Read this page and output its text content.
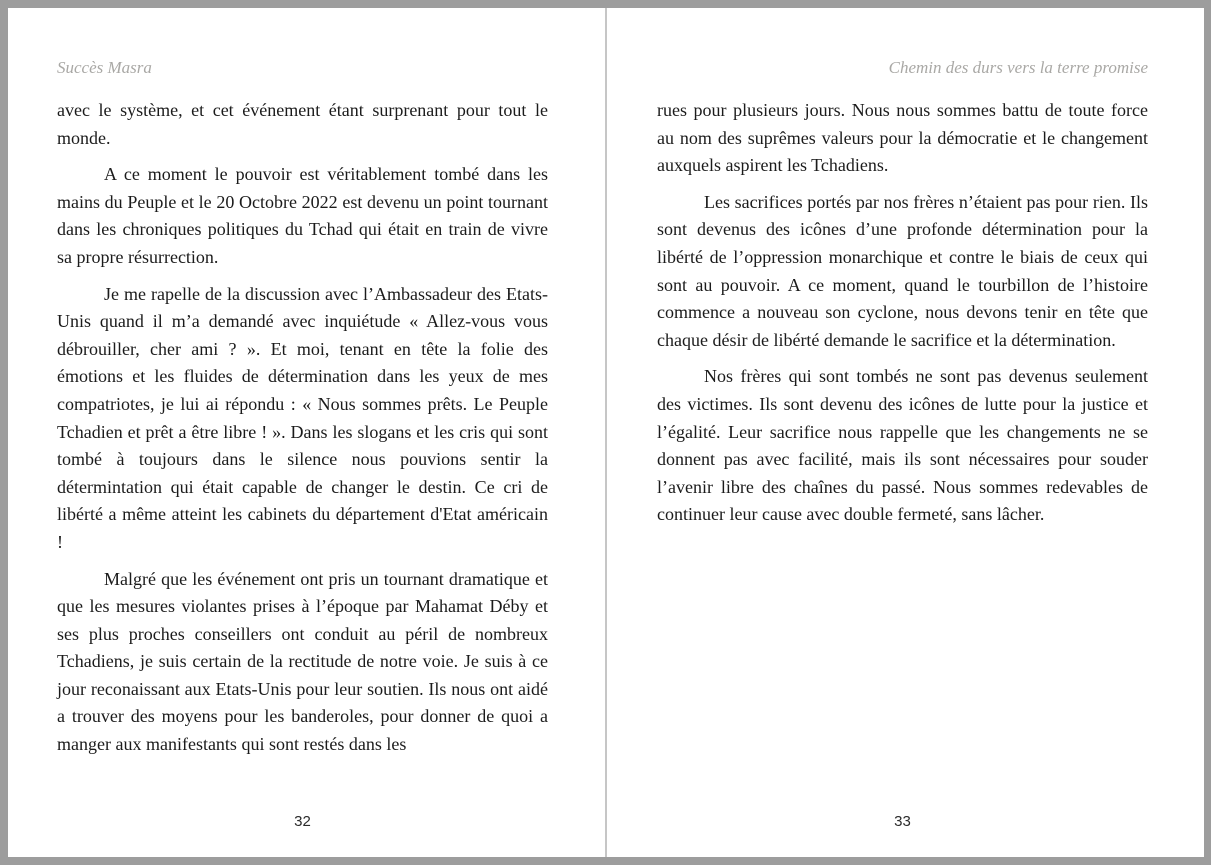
Succès Masra

avec le système, et cet événement étant surprenant pour tout le monde.

A ce moment le pouvoir est véritablement tombé dans les mains du Peuple et le 20 Octobre 2022 est devenu un point tournant dans les chroniques politiques du Tchad qui était en train de vivre sa propre résurrection.

Je me rapelle de la discussion avec l’Ambassadeur des Etats-Unis quand il m’a demandé avec inquiétude « Allez-vous vous débrouiller, cher ami ? ». Et moi, tenant en tête la folie des émotions et les fluides de détermination dans les yeux de mes compatriotes, je lui ai répondu : « Nous sommes prêts. Le Peuple Tchadien et prêt a être libre ! ». Dans les slogans et les cris qui sont tombé à toujours dans le silence nous pouvions sentir la détermintation qui était capable de changer le destin. Ce cri de libérté a même atteint les cabinets du département d'Etat américain !

Malgré que les événement ont pris un tournant dramatique et que les mesures violantes prises à l’époque par Mahamat Déby et ses plus proches conseillers ont conduit au péril de nombreux Tchadiens, je suis certain de la rectitude de notre voie. Je suis à ce jour reconaissant aux Etats-Unis pour leur soutien. Ils nous ont aidé a trouver des moyens pour les banderoles, pour donner de quoi a manger aux manifestants qui sont restés dans les

32
Chemin des durs vers la terre promise

rues pour plusieurs jours. Nous nous sommes battu de toute force au nom des suprêmes valeurs pour la démocratie et le changement auxquels aspirent les Tchadiens.

Les sacrifices portés par nos frères n’étaient pas pour rien. Ils sont devenus des icônes d’une profonde détermination pour la libérté de l’oppression monarchique et contre le biais de ceux qui sont au pouvoir. A ce moment, quand le tourbillon de l’histoire commence a nouveau son cyclone, nous devons tenir en tête que chaque désir de libérté demande le sacrifice et la détermination.

Nos frères qui sont tombés ne sont pas devenus seulement des victimes. Ils sont devenu des icônes de lutte pour la justice et l’égalité. Leur sacrifice nous rappelle que les changements ne se donnent pas avec facilité, mais ils sont nécessaires pour souder l’avenir libre des chaînes du passé. Nous sommes redevables de continuer leur cause avec double fermeté, sans lâcher.

33
